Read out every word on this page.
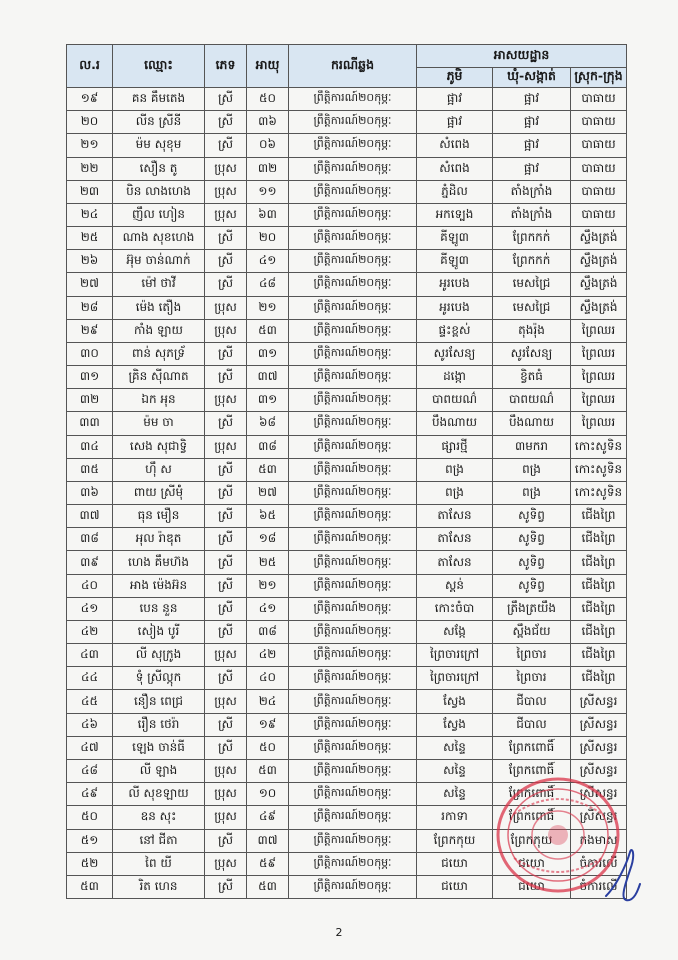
ល.រ	ឈ្មោះ	ភេទ	អាយុ	ករណីឆ្លង	អាសយដ្ឋាន		
					ភូមិ	ឃុំ-សង្កាត់	ស្រុក-ក្រុង
១៩	គន គឹមតេង	ស្រី	៥០	ព្រឹត្តិការណ៍២០កុម្ភៈ	ផ្អាវ	ផ្អាវ	បាធាយ
២០	លីន ស្រីនី	ស្រី	៣៦	ព្រឹត្តិការណ៍២០កុម្ភៈ	ផ្អាវ	ផ្អាវ	បាធាយ
២១	ម៉ម សុខុម	ស្រី	០៦	ព្រឹត្តិការណ៍២០កុម្ភៈ	សំពេង	ផ្អាវ	បាធាយ
២២	សឿន តូ	ប្រុស	៣២	ព្រឹត្តិការណ៍២០កុម្ភៈ	សំពេង	ផ្អាវ	បាធាយ
២៣	បិន លាងហេង	ប្រុស	១១	ព្រឹត្តិការណ៍២០កុម្ភៈ	ភ្នំដិល	តាំងក្រាំង	បាធាយ
២៤	ញឹល ហៀន	ប្រុស	៦៣	ព្រឹត្តិការណ៍២០កុម្ភៈ	អកទ្បេង	តាំងក្រាំង	បាធាយ
២៥	ណាង សុខហេង	ស្រី	២០	ព្រឹត្តិការណ៍២០កុម្ភៈ	គីឡូ៣	ព្រែកកក់	ស្ទឹងត្រង់
២៦	អ៊ុម ចាន់ណាក់	ស្រី	៤១	ព្រឹត្តិការណ៍២០កុម្ភៈ	គីឡូ៣	ព្រែកកក់	ស្ទឹងត្រង់
២៧	ម៉ៅ ថាវី	ស្រី	៤៨	ព្រឹត្តិការណ៍២០កុម្ភៈ	អូរបេង	មេសជ្រៃ	ស្ទឹងត្រង់
២៨	ម៉េង តឿង	ប្រុស	២១	ព្រឹត្តិការណ៍២០កុម្ភៈ	អូរបេង	មេសជ្រៃ	ស្ទឹងត្រង់
២៩	កាំង ឡាយ	ប្រុស	៥៣	ព្រឹត្តិការណ៍២០កុម្ភៈ	ផ្ទះខ្ពស់	តុងរ៉ុង	ព្រៃឈរ
៣០	ពាន់ សុភទ្រ័	ស្រី	៣១	ព្រឹត្តិការណ៍២០កុម្ភៈ	សូរសែន្យ	សូរសែន្យ	ព្រៃឈរ
៣១	គ្រិន ស៊ីណាត	ស្រី	៣៧	ព្រឹត្តិការណ៍២០កុម្ភៈ	ដង្កោ	ខ្វិតធំ	ព្រៃឈរ
៣២	ឯក អុន	ប្រុស	៣១	ព្រឹត្តិការណ៍២០កុម្ភៈ	បាពយណ៌	បាពយណ៌	ព្រៃឈរ
៣៣	ម៉ម ចា	ស្រី	៦៨	ព្រឹត្តិការណ៍២០កុម្ភៈ	បឹងណាយ	បឹងណាយ	ព្រៃឈរ
៣៤	សេង សុជាទិ្វ	ប្រុស	៣៨	ព្រឹត្តិការណ៍២០កុម្ភៈ	ផ្សារថ្មី	៣មករា	កោះសូទិន
៣៥	ហ៊ឹ ស	ស្រី	៥៣	ព្រឹត្តិការណ៍២០កុម្ភៈ	ពង្រ	ពង្រ	កោះសូទិន
៣៦	ពាយ ស្រីម៉ុំ	ស្រី	២៧	ព្រឹត្តិការណ៍២០កុម្ភៈ	ពង្រ	ពង្រ	កោះសូទិន
៣៧	ធុន មឿន	ស្រី	៦៥	ព្រឹត្តិការណ៍២០កុម្ភៈ	តាសែន	សូទិព្វ	ជើងព្រៃ
៣៨	អុល រ៉ាឌុត	ស្រី	១៨	ព្រឹត្តិការណ៍២០កុម្ភៈ	តាសែន	សូទិព្វ	ជើងព្រៃ
៣៩	ហេង គឹមហ៊ង	ស្រី	២៥	ព្រឹត្តិការណ៍២០កុម្ភៈ	តាសែន	សូទិព្វ	ជើងព្រៃ
៤០	អាង ម៉េងអ៊ន	ស្រី	២១	ព្រឹត្តិការណ៍២០កុម្ភៈ	ស្គន់	សូទិព្វ	ជើងព្រៃ
៤១	បេន នួន	ស្រី	៤១	ព្រឹត្តិការណ៍២០កុម្ភៈ	កោះចំបា	ត្រឹងត្រយឹង	ជើងព្រៃ
៤២	សៀង បូរី	ស្រី	៣៨	ព្រឹត្តិការណ៍២០កុម្ភៈ	សង្កែ	ស្ពឹងជ័យ	ជើងព្រៃ
៤៣	លី សុក្រូង	ប្រុស	៤២	ព្រឹត្តិការណ៍២០កុម្ភៈ	ព្រៃចារក្រៅ	ព្រៃចារ	ជើងព្រៃ
៤៤	ទុំ ស្រីល្កុក	ស្រី	៤០	ព្រឹត្តិការណ៍២០កុម្ភៈ	ព្រៃចារក្រៅ	ព្រៃចារ	ជើងព្រៃ
៤៥	នឿន ពេជ្រ	ប្រុស	២៤	ព្រឹត្តិការណ៍២០កុម្ភៈ	ស្វែង	ជីបាល	ស្រីសន្ធរ
៤៦	រឿន ថេរ៉ា	ស្រី	១៩	ព្រឹត្តិការណ៍២០កុម្ភៈ	ស្វែង	ជីបាល	ស្រីសន្ធរ
៤៧	ឡេង ចាន់ធី	ស្រី	៥០	ព្រឹត្តិការណ៍២០កុម្ភៈ	សន្ទៃ	ព្រែកពោធិ៍	ស្រីសន្ធរ
៤៨	លី ឡាង	ប្រុស	៥៣	ព្រឹត្តិការណ៍២០កុម្ភៈ	សន្ទៃ	ព្រែកពោធិ៍	ស្រីសន្ធរ
៤៩	លី សុខឡាយ	ប្រុស	១០	ព្រឹត្តិការណ៍២០កុម្ភៈ	សន្ទៃ	ព្រែកពោធិ៍	ស្រីសន្ធរ
៥០	ឧន សុះ	ប្រុស	៤៩	ព្រឹត្តិការណ៍២០កុម្ភៈ	រកាទា	ព្រែកពោធិ៍	ស្រីសន្ធរ
៥១	នៅ ជីតា	ស្រី	៣៧	ព្រឹត្តិការណ៍២០កុម្ភៈ	ព្រែកកុយ	ព្រែកកុយ	កងមាស
៥២	ពៃ យី	ប្រុស	៥៩	ព្រឹត្តិការណ៍២០កុម្ភៈ	ជយោ	ជយោ	ចំការលើ
៥៣	រិត ហេន	ស្រី	៥៣	ព្រឹត្តិការណ៍២០កុម្ភៈ	ជយោ	ជយោ	ចំការលើ
2
